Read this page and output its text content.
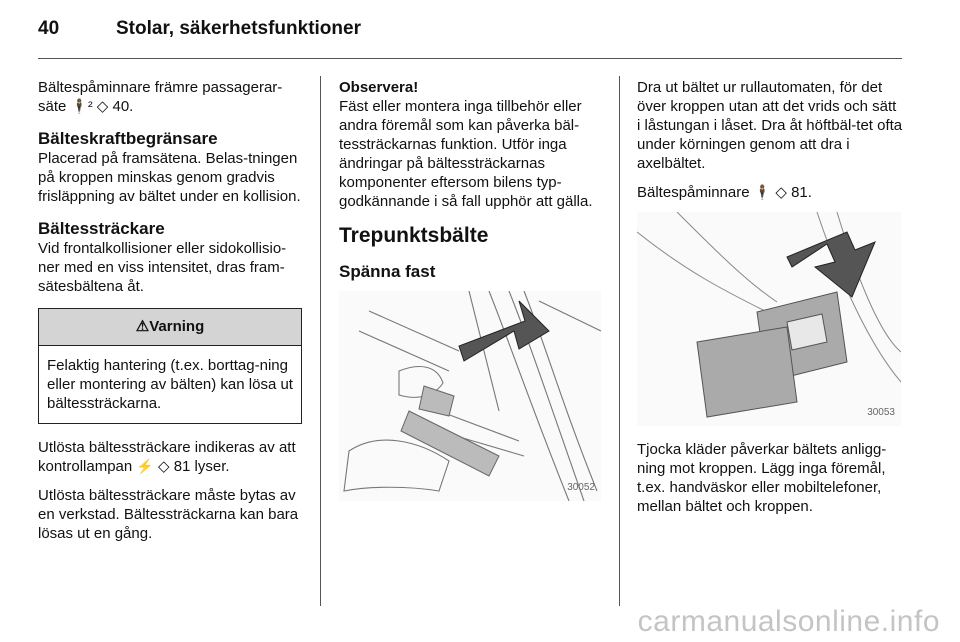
40	Stolar, säkerhetsfunktioner

Bältespåminnare främre passagerar-säte 🕴² ◇ 40.

Bälteskraftbegränsare

Placerad på framsätena. Belas-tningen på kroppen minskas genom gradvis frisläppning av bältet under en kollision.

Bältessträckare

Vid frontalkollisioner eller sidokollisio-ner med en viss intensitet, dras fram-sätesbältena åt.

⚠Varning
Felaktig hantering (t.ex. borttag-ning eller montering av bälten) kan lösa ut bältessträckarna.

Utlösta bältessträckare indikeras av att kontrollampan ⚡ ◇ 81 lyser.

Utlösta bältessträckare måste bytas av en verkstad. Bältessträckarna kan bara lösas ut en gång.

Observera!
Fäst eller montera inga tillbehör eller andra föremål som kan påverka bäl-tessträckarnas funktion. Utför inga ändringar på bältessträckarnas komponenter eftersom bilens typ-godkännande i så fall upphör att gälla.
Trepunktsbälte
Spänna fast
30052

Dra ut bältet ur rullautomaten, för det över kroppen utan att det vrids och sätt i låstungan i låset. Dra åt höftbäl-tet ofta under körningen genom att dra i axelbältet.

Bältespåminnare 🕴 ◇ 81.

30053

Tjocka kläder påverkar bältets anligg-ning mot kroppen. Lägg inga föremål, t.ex. handväskor eller mobiltelefoner, mellan bältet och kroppen.

carmanualsonline.info
